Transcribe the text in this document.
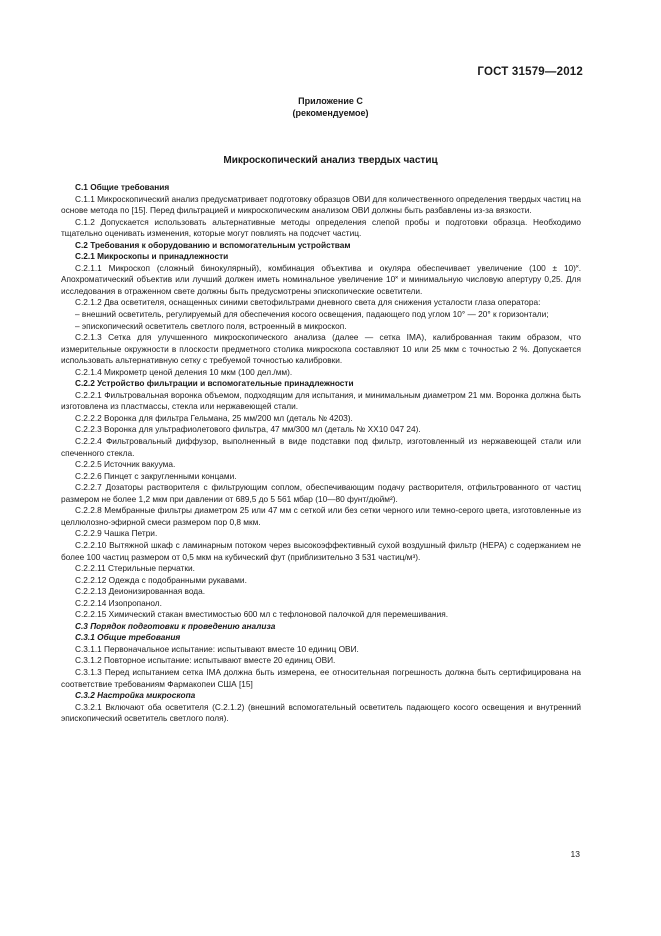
ГОСТ 31579—2012
Приложение С
(рекомендуемое)
Микроскопический анализ твердых частиц

С.1 Общие требования

С.1.1 Микроскопический анализ предусматривает подготовку образцов ОВИ для количественного определения твердых частиц на основе метода по [15]. Перед фильтрацией и микроскопическим анализом ОВИ должны быть разбавлены из-за вязкости.

С.1.2 Допускается использовать альтернативные методы определения слепой пробы и подготовки образца. Необходимо тщательно оценивать изменения, которые могут повлиять на подсчет частиц.

С.2 Требования к оборудованию и вспомогательным устройствам

С.2.1 Микроскопы и принадлежности

С.2.1.1 Микроскоп (сложный бинокулярный), комбинация объектива и окуляра обеспечивает увеличение (100 ± 10)˟. Апохроматический объектив или лучший должен иметь номинальное увеличение 10˟ и минимальную числовую апертуру 0,25. Для исследования в отраженном свете должны быть предусмотрены эпископические осветители.

С.2.1.2 Два осветителя, оснащенных синими светофильтрами дневного света для снижения усталости глаза оператора:

– внешний осветитель, регулируемый для обеспечения косого освещения, падающего под углом 10° — 20° к горизонтали;

– эпископический осветитель светлого поля, встроенный в микроскоп.

С.2.1.3 Сетка для улучшенного микроскопического анализа (далее — сетка IMA), калиброванная таким образом, что измерительные окружности в плоскости предметного столика микроскопа составляют 10 или 25 мкм с точностью 2 %. Допускается использовать альтернативную сетку с требуемой точностью калибровки.

С.2.1.4 Микрометр ценой деления 10 мкм (100 дел./мм).

С.2.2 Устройство фильтрации и вспомогательные принадлежности

С.2.2.1 Фильтровальная воронка объемом, подходящим для испытания, и минимальным диаметром 21 мм. Воронка должна быть изготовлена из пластмассы, стекла или нержавеющей стали.

С.2.2.2 Воронка для фильтра Гельмана, 25 мм/200 мл (деталь № 4203).

С.2.2.3 Воронка для ультрафиолетового фильтра, 47 мм/300 мл (деталь № ХХ10 047 24).

С.2.2.4 Фильтровальный диффузор, выполненный в виде подставки под фильтр, изготовленный из нержавеющей стали или спеченного стекла.

С.2.2.5 Источник вакуума.

С.2.2.6 Пинцет с закругленными концами.

С.2.2.7 Дозаторы растворителя с фильтрующим соплом, обеспечивающим подачу растворителя, отфильтрованного от частиц размером не более 1,2 мкм при давлении от 689,5 до 5 561 мбар (10—80 фунт/дюйм²).

С.2.2.8 Мембранные фильтры диаметром 25 или 47 мм с сеткой или без сетки черного или темно-серого цвета, изготовленные из целлюлозно-эфирной смеси размером пор 0,8 мкм.

С.2.2.9 Чашка Петри.

С.2.2.10 Вытяжной шкаф с ламинарным потоком через высокоэффективный сухой воздушный фильтр (HEPA) с содержанием не более 100 частиц размером от 0,5 мкм на кубический фут (приблизительно 3 531 частиц/м³).

С.2.2.11 Стерильные перчатки.

С.2.2.12 Одежда с подобранными рукавами.

С.2.2.13 Деионизированная вода.

С.2.2.14 Изопропанол.

С.2.2.15 Химический стакан вместимостью 600 мл с тефлоновой палочкой для перемешивания.

С.3 Порядок подготовки к проведению анализа

С.3.1 Общие требования

С.3.1.1 Первоначальное испытание: испытывают вместе 10 единиц ОВИ.

С.3.1.2 Повторное испытание: испытывают вместе 20 единиц ОВИ.

С.3.1.3 Перед испытанием сетка IMA должна быть измерена, ее относительная погрешность должна быть сертифицирована на соответствие требованиям Фармакопеи США [15]

С.3.2 Настройка микроскопа

С.3.2.1 Включают оба осветителя (С.2.1.2) (внешний вспомогательный осветитель падающего косого освещения и внутренний эпископический осветитель светлого поля).

13
